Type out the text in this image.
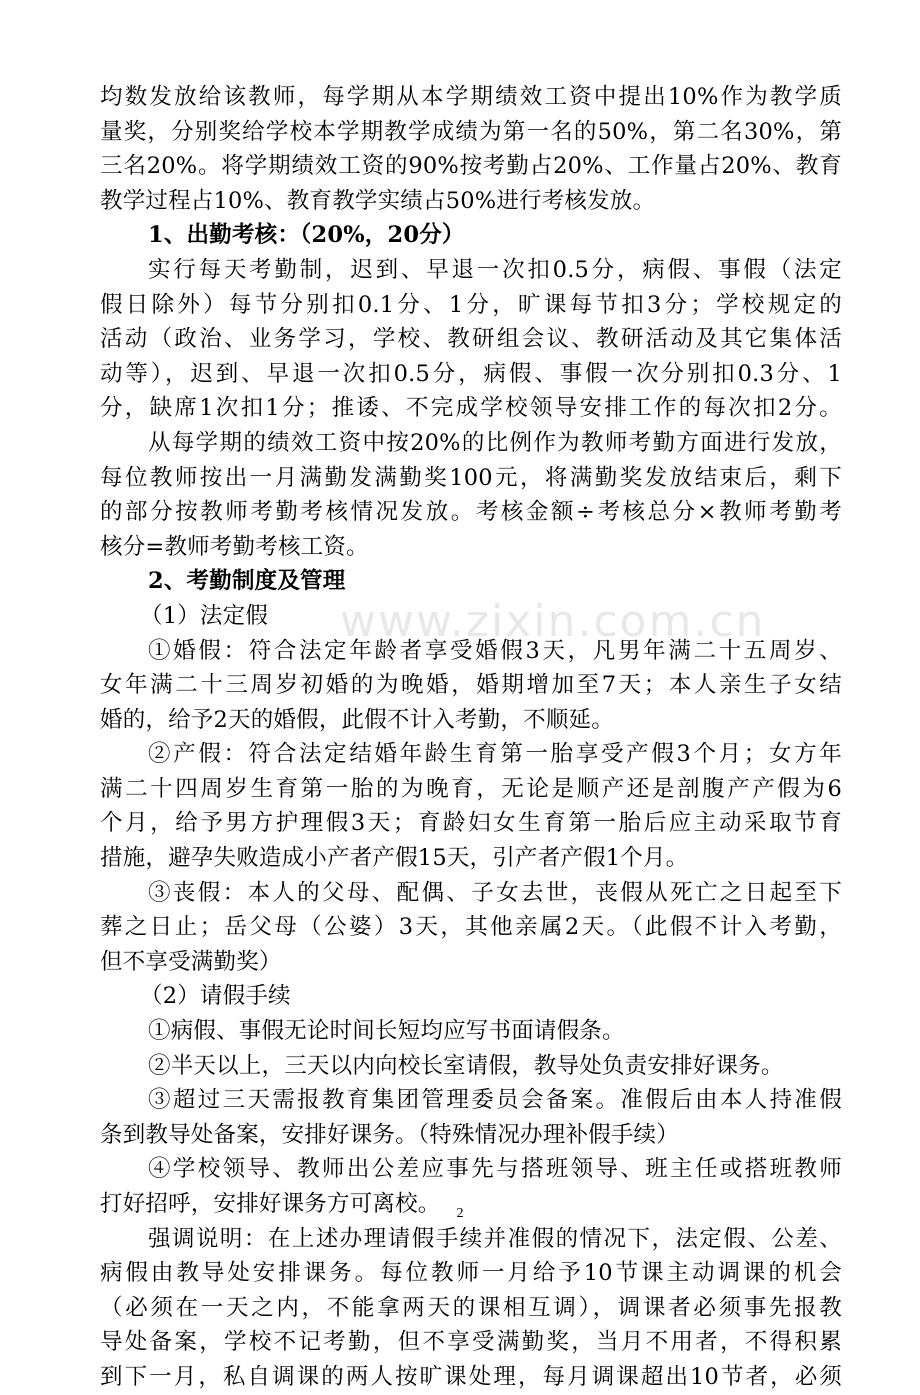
www.zixin.com.cn
均数发放给该教师，每学期从本学期绩效工资中提出10%作为教学质
量奖，分别奖给学校本学期教学成绩为第一名的50%，第二名30%，第
三名20%。将学期绩效工资的90%按考勤占20%、工作量占20%、教育
教学过程占10%、教育教学实绩占50%进行考核发放。
1、出勤考核：（20%，20分）
实行每天考勤制，迟到、早退一次扣0.5分，病假、事假（法定
假日除外）每节分别扣0.1分、1分，旷课每节扣3分；学校规定的
活动（政治、业务学习，学校、教研组会议、教研活动及其它集体活
动等），迟到、早退一次扣0.5分，病假、事假一次分别扣0.3分、1
分，缺席1次扣1分；推诿、不完成学校领导安排工作的每次扣2分。
从每学期的绩效工资中按20%的比例作为教师考勤方面进行发放，
每位教师按出一月满勤发满勤奖100元，将满勤奖发放结束后，剩下
的部分按教师考勤考核情况发放。考核金额÷考核总分×教师考勤考
核分=教师考勤考核工资。
2、考勤制度及管理
（1）法定假
①婚假：符合法定年龄者享受婚假3天，凡男年满二十五周岁、
女年满二十三周岁初婚的为晚婚，婚期增加至7天；本人亲生子女结
婚的，给予2天的婚假，此假不计入考勤，不顺延。
②产假：符合法定结婚年龄生育第一胎享受产假3个月；女方年
满二十四周岁生育第一胎的为晚育，无论是顺产还是剖腹产产假为6
个月，给予男方护理假3天；育龄妇女生育第一胎后应主动采取节育
措施，避孕失败造成小产者产假15天，引产者产假1个月。
③丧假：本人的父母、配偶、子女去世，丧假从死亡之日起至下
葬之日止；岳父母（公婆）3天，其他亲属2天。（此假不计入考勤，
但不享受满勤奖）
（2）请假手续
①病假、事假无论时间长短均应写书面请假条。
②半天以上，三天以内向校长室请假，教导处负责安排好课务。
③超过三天需报教育集团管理委员会备案。准假后由本人持准假
条到教导处备案，安排好课务。（特殊情况办理补假手续）
④学校领导、教师出公差应事先与搭班领导、班主任或搭班教师
打好招呼，安排好课务方可离校。
强调说明：在上述办理请假手续并准假的情况下，法定假、公差、
病假由教导处安排课务。每位教师一月给予10节课主动调课的机会
（必须在一天之内，不能拿两天的课相互调），调课者必须事先报教
导处备案，学校不记考勤，但不享受满勤奖，当月不用者，不得积累
到下一月，私自调课的两人按旷课处理，每月调课超出10节者，必须
2
